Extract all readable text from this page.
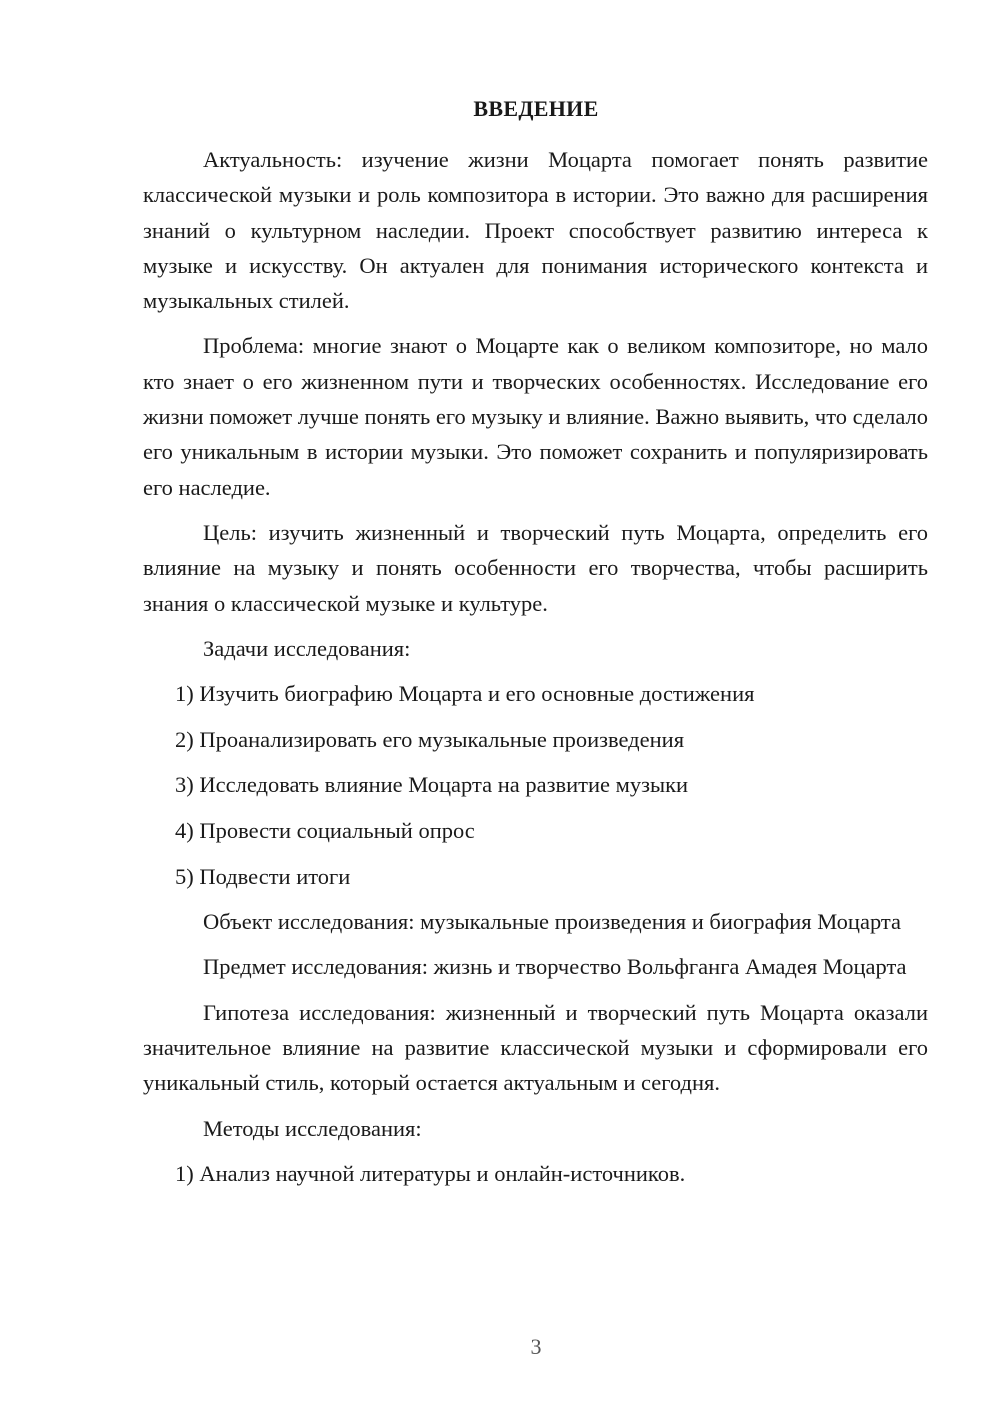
ВВЕДЕНИЕ

Актуальность: изучение жизни Моцарта помогает понять развитие классической музыки и роль композитора в истории. Это важно для расширения знаний о культурном наследии. Проект способствует развитию интереса к музыке и искусству. Он актуален для понимания исторического контекста и музыкальных стилей.

Проблема: многие знают о Моцарте как о великом композиторе, но мало кто знает о его жизненном пути и творческих особенностях. Исследование его жизни поможет лучше понять его музыку и влияние. Важно выявить, что сделало его уникальным в истории музыки. Это поможет сохранить и популяризировать его наследие.

Цель: изучить жизненный и творческий путь Моцарта, определить его влияние на музыку и понять особенности его творчества, чтобы расширить знания о классической музыке и культуре.

Задачи исследования:

1) Изучить биографию Моцарта и его основные достижения
2) Проанализировать его музыкальные произведения
3) Исследовать влияние Моцарта на развитие музыки
4) Провести социальный опрос
5) Подвести итоги

Объект исследования: музыкальные произведения и биография Моцарта

Предмет исследования: жизнь и творчество Вольфганга Амадея Моцарта

Гипотеза исследования: жизненный и творческий путь Моцарта оказали значительное влияние на развитие классической музыки и сформировали его уникальный стиль, который остается актуальным и сегодня.

Методы исследования:

1) Анализ научной литературы и онлайн-источников.
3
